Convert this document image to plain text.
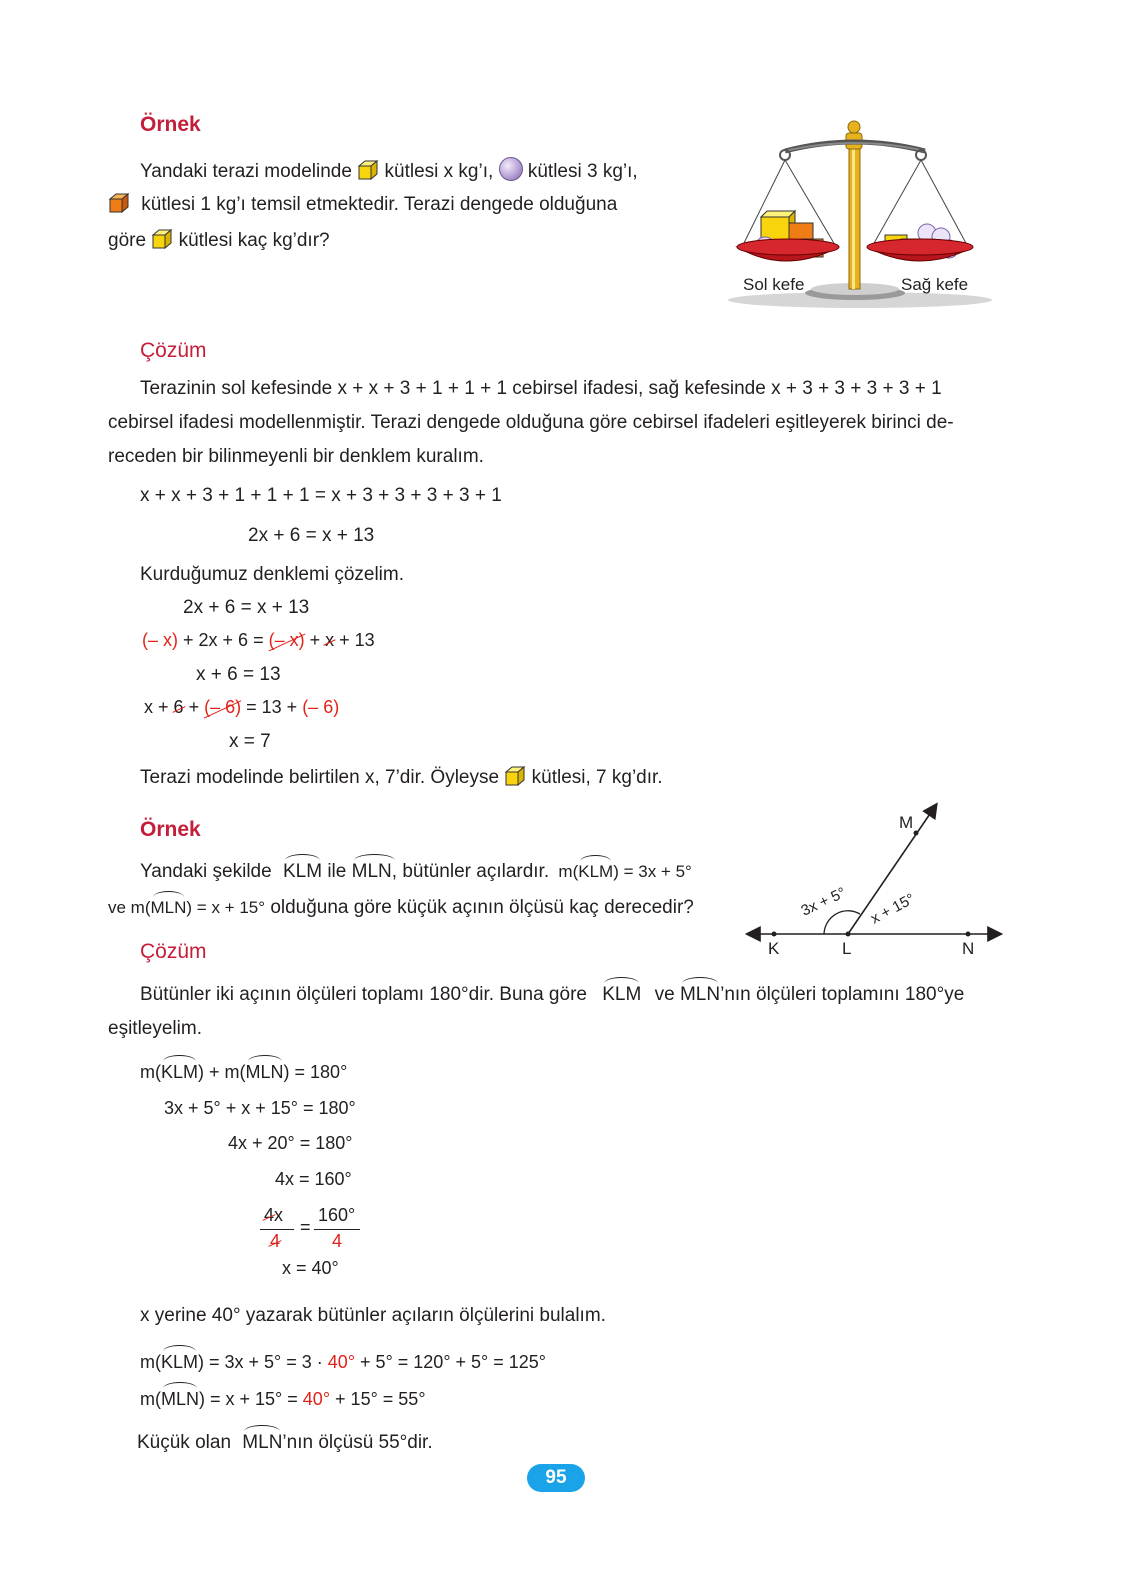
Örnek
Yandaki terazi modelinde kütlesi x kg’ı, kütlesi 3 kg’ı,
kütlesi 1 kg’ı temsil etmektedir. Terazi dengede olduğuna
göre kütlesi kaç kg’dır?
Sol kefe	Sağ kefe
Çözüm
Terazinin sol kefesinde x + x + 3 + 1 + 1 + 1 cebirsel ifadesi, sağ kefesinde x + 3 + 3 + 3 + 3 + 1
cebirsel ifadesi modellenmiştir. Terazi dengede olduğuna göre cebirsel ifadeleri eşitleyerek birinci de-
receden bir bilinmeyenli bir denklem kuralım.
x + x + 3 + 1 + 1 + 1 = x + 3 + 3 + 3 + 3 + 1
2x + 6 = x + 13
Kurduğumuz denklemi çözelim.
2x + 6 = x + 13
(– x) + 2x + 6 = (– x) + x + 13
x + 6 = 13
x + 6 + (– 6) = 13 + (– 6)
x = 7
Terazi modelinde belirtilen x, 7’dir. Öyleyse kütlesi, 7 kg’dır.
Örnek
Yandaki şekilde KLM ile MLN, bütünler açılardır. m(KLM) = 3x + 5°
ve m(MLN) = x + 15° olduğuna göre küçük açının ölçüsü kaç derecedir?
M
K	L	N
3x + 5° x + 15°
Çözüm
Bütünler iki açının ölçüleri toplamı 180°dir. Buna göre KLM ve MLN’nın ölçüleri toplamını 180°ye
eşitleyelim.
m(KLM) + m(MLN) = 180°
3x + 5° + x + 15° = 180°
4x + 20° = 180°
4x = 160°
4x
4
=
160°
4
x = 40°
x yerine 40° yazarak bütünler açıların ölçülerini bulalım.
m(KLM) = 3x + 5° = 3 · 40° + 5° = 120° + 5° = 125°
m(MLN) = x + 15° = 40° + 15° = 55°
Küçük olan MLN’nın ölçüsü 55°dir.
95
